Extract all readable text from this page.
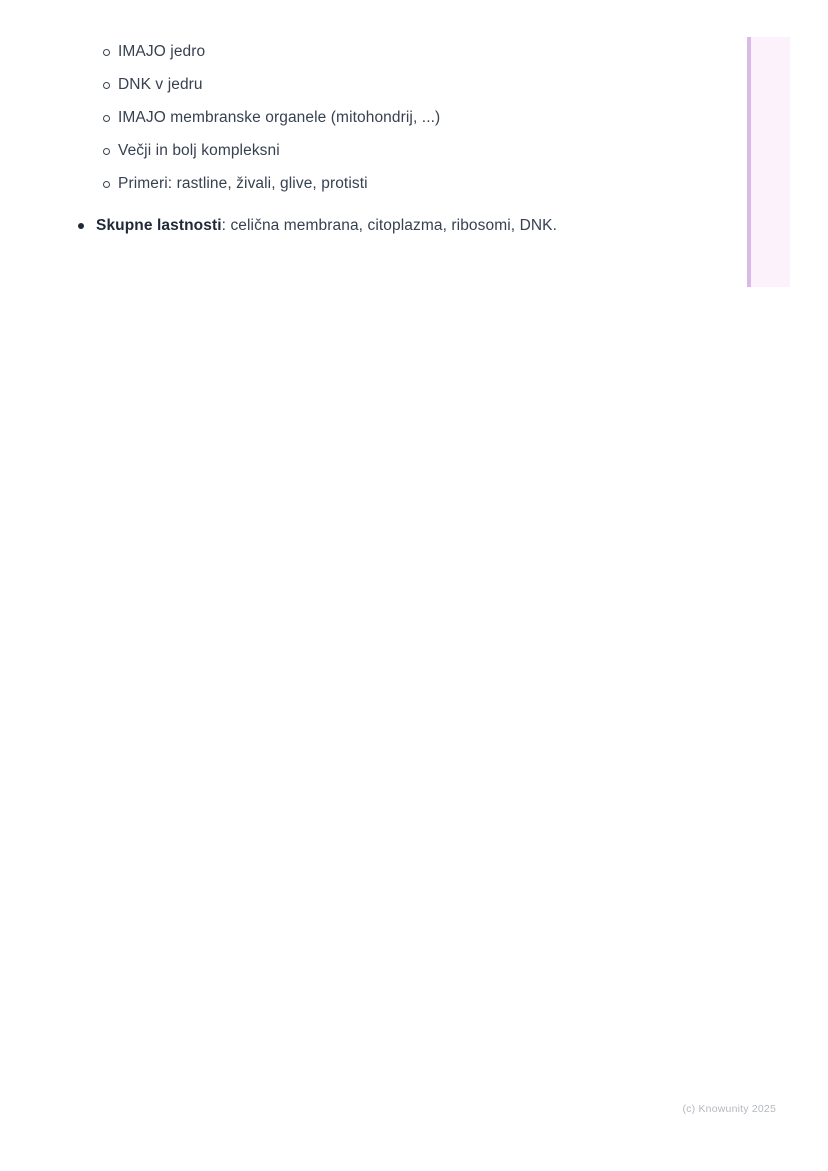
IMAJO jedro
DNK v jedru
IMAJO membranske organele (mitohondrij, ...)
Večji in bolj kompleksni
Primeri: rastline, živali, glive, protisti
Skupne lastnosti: celična membrana, citoplazma, ribosomi, DNK.
(c) Knowunity 2025
